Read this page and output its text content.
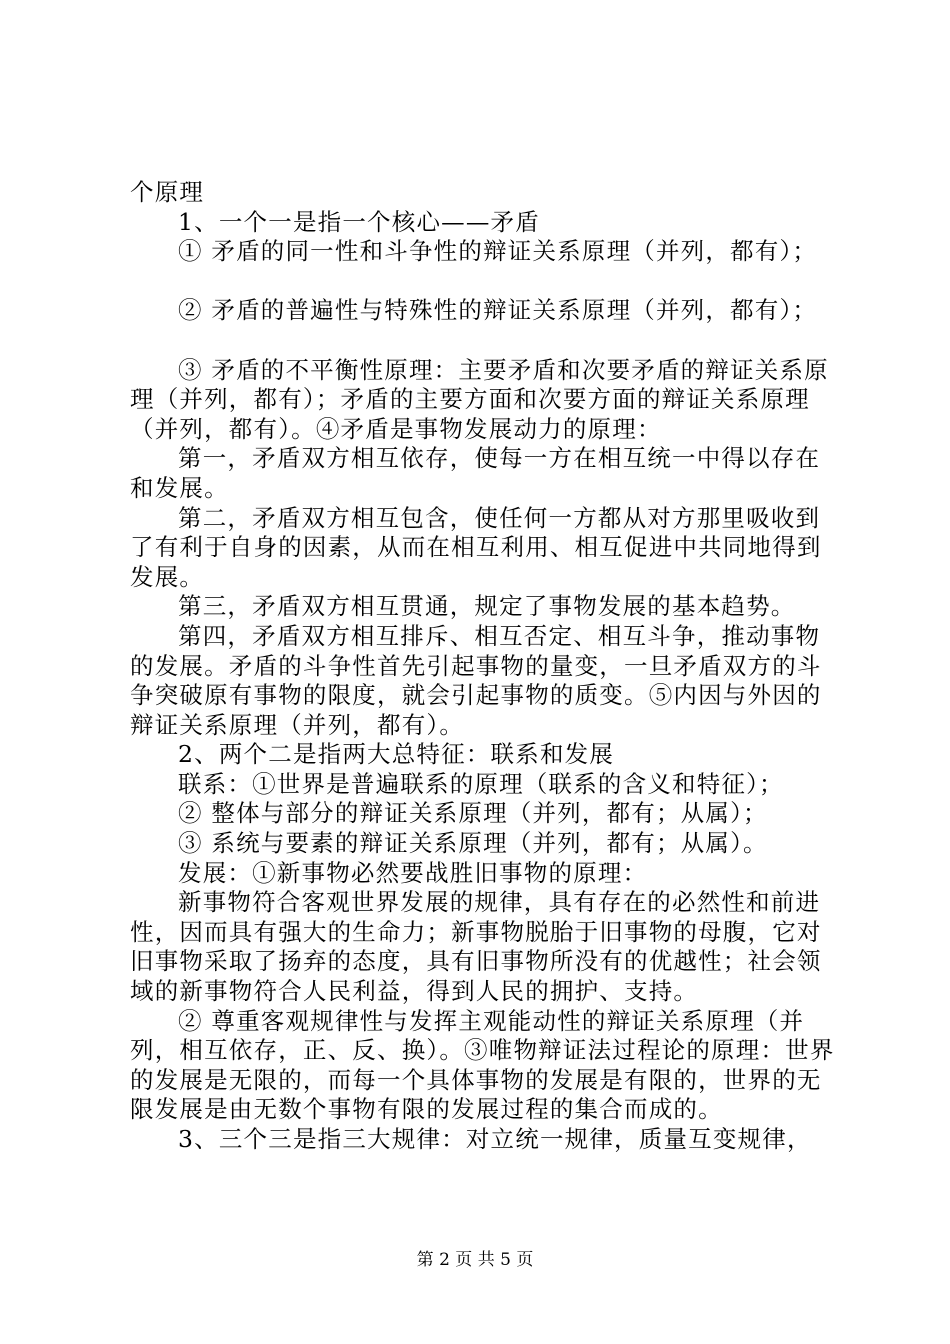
个原理

1、一个一是指一个核心——矛盾

① 矛盾的同一性和斗争性的辩证关系原理（并列，都有）；

② 矛盾的普遍性与特殊性的辩证关系原理（并列，都有）；

③ 矛盾的不平衡性原理：主要矛盾和次要矛盾的辩证关系原理（并列，都有）；矛盾的主要方面和次要方面的辩证关系原理（并列，都有）。④矛盾是事物发展动力的原理：

第一，矛盾双方相互依存，使每一方在相互统一中得以存在和发展。

第二，矛盾双方相互包含，使任何一方都从对方那里吸收到了有利于自身的因素，从而在相互利用、相互促进中共同地得到发展。

第三，矛盾双方相互贯通，规定了事物发展的基本趋势。

第四，矛盾双方相互排斥、相互否定、相互斗争，推动事物的发展。矛盾的斗争性首先引起事物的量变，一旦矛盾双方的斗争突破原有事物的限度，就会引起事物的质变。⑤内因与外因的辩证关系原理（并列，都有）。

2、两个二是指两大总特征：联系和发展

联系：①世界是普遍联系的原理（联系的含义和特征）；

② 整体与部分的辩证关系原理（并列，都有；从属）；

③ 系统与要素的辩证关系原理（并列，都有；从属）。

发展：①新事物必然要战胜旧事物的原理：

新事物符合客观世界发展的规律，具有存在的必然性和前进性，因而具有强大的生命力；新事物脱胎于旧事物的母腹，它对旧事物采取了扬弃的态度，具有旧事物所没有的优越性；社会领域的新事物符合人民利益，得到人民的拥护、支持。

② 尊重客观规律性与发挥主观能动性的辩证关系原理（并列，相互依存，正、反、换）。③唯物辩证法过程论的原理：世界的发展是无限的，而每一个具体事物的发展是有限的，世界的无限发展是由无数个事物有限的发展过程的集合而成的。

3、三个三是指三大规律：对立统一规律，质量互变规律，

第 2 页 共 5 页
